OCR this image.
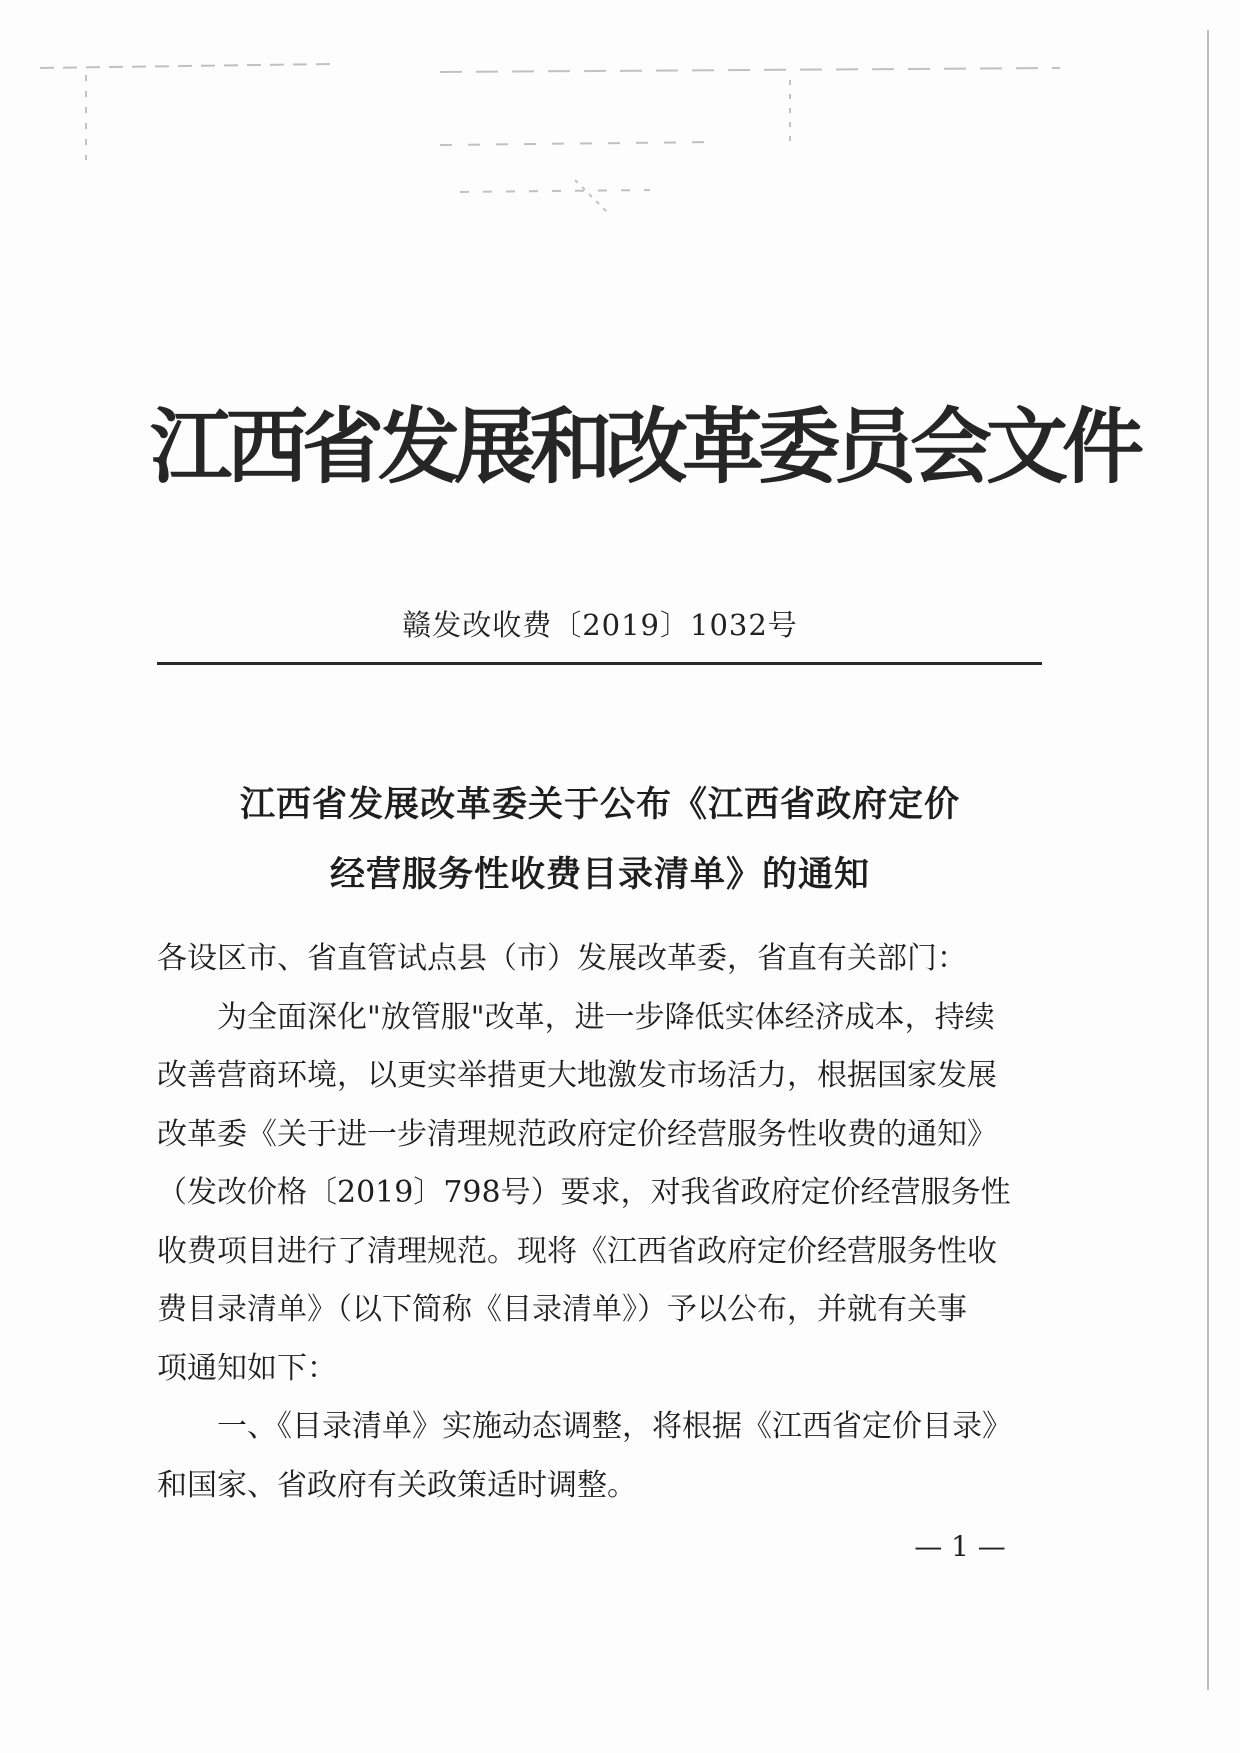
江西省发展和改革委员会文件
赣发改收费〔2019〕1032号
江西省发展改革委关于公布《江西省政府定价
经营服务性收费目录清单》的通知
各设区市、省直管试点县（市）发展改革委，省直有关部门：
为全面深化"放管服"改革，进一步降低实体经济成本，持续
改善营商环境，以更实举措更大地激发市场活力，根据国家发展
改革委《关于进一步清理规范政府定价经营服务性收费的通知》
（发改价格〔2019〕798号）要求，对我省政府定价经营服务性
收费项目进行了清理规范。现将《江西省政府定价经营服务性收
费目录清单》（以下简称《目录清单》）予以公布，并就有关事
项通知如下：
一、《目录清单》实施动态调整，将根据《江西省定价目录》
和国家、省政府有关政策适时调整。
— 1 —
